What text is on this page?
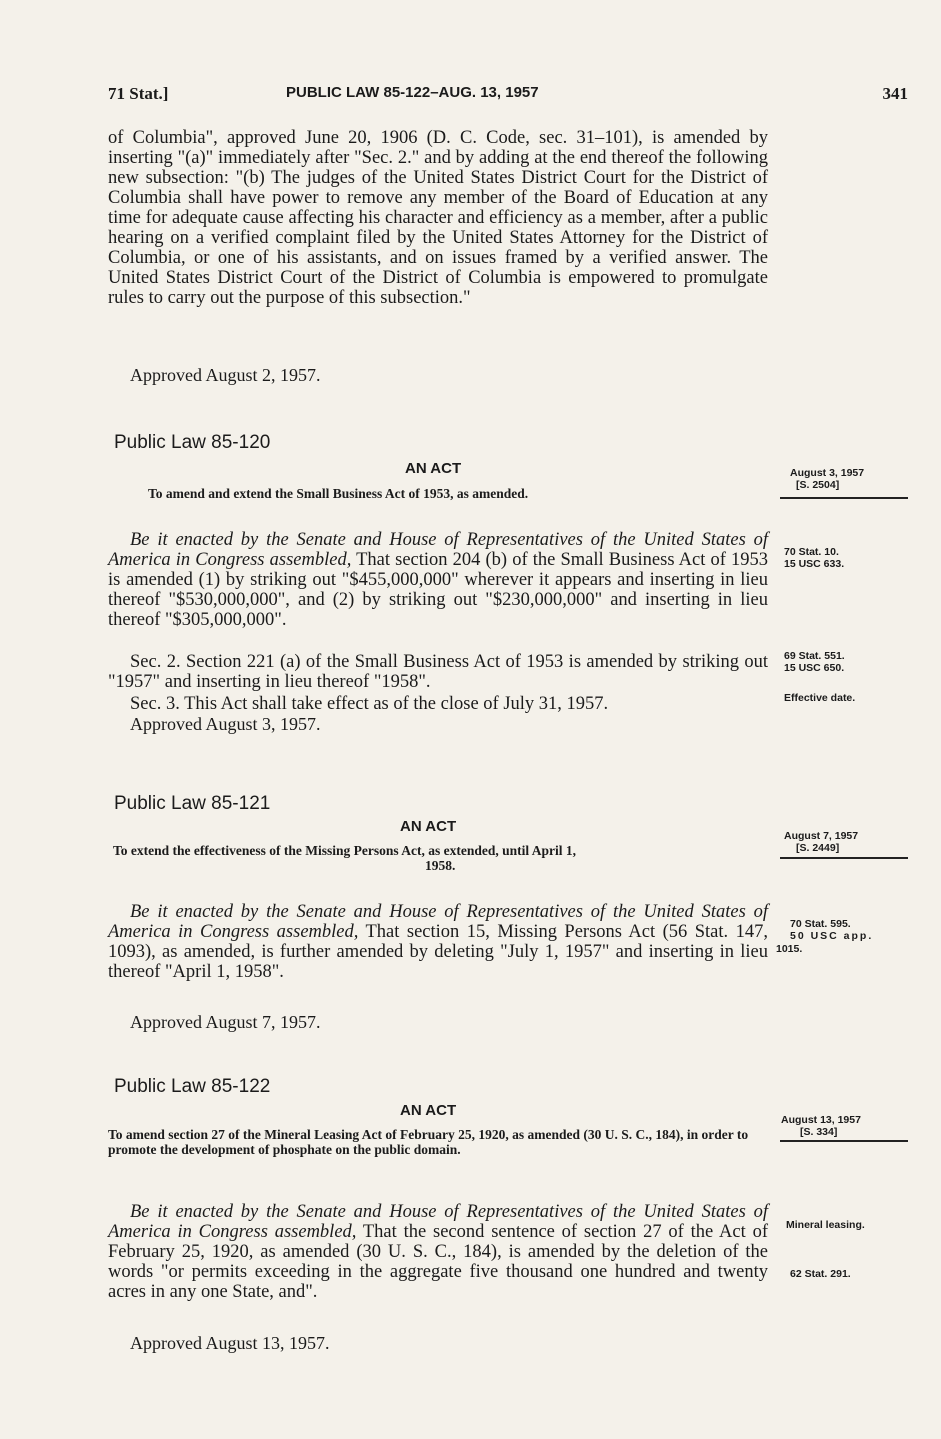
71 Stat.]	PUBLIC LAW 85-122–AUG. 13, 1957	341
of Columbia", approved June 20, 1906 (D. C. Code, sec. 31–101), is amended by inserting "(a)" immediately after "Sec. 2." and by adding at the end thereof the following new subsection: "(b) The judges of the United States District Court for the District of Columbia shall have power to remove any member of the Board of Education at any time for adequate cause affecting his character and efficiency as a member, after a public hearing on a verified complaint filed by the United States Attorney for the District of Columbia, or one of his assistants, and on issues framed by a verified answer. The United States District Court of the District of Columbia is empowered to promulgate rules to carry out the purpose of this subsection."
Approved August 2, 1957.
Public Law 85-120
AN ACT
To amend and extend the Small Business Act of 1953, as amended.
August 3, 1957
[S. 2504]
Be it enacted by the Senate and House of Representatives of the United States of America in Congress assembled, That section 204 (b) of the Small Business Act of 1953 is amended (1) by striking out "$455,000,000" wherever it appears and inserting in lieu thereof "$530,000,000", and (2) by striking out "$230,000,000" and inserting in lieu thereof "$305,000,000".
Sec. 2. Section 221 (a) of the Small Business Act of 1953 is amended by striking out "1957" and inserting in lieu thereof "1958".
Sec. 3. This Act shall take effect as of the close of July 31, 1957.
Approved August 3, 1957.
70 Stat. 10.
15 USC 633.
69 Stat. 551.
15 USC 650.
Effective date.
Public Law 85-121
AN ACT
To extend the effectiveness of the Missing Persons Act, as extended, until April 1,
1958.
August 7, 1957
[S. 2449]
Be it enacted by the Senate and House of Representatives of the United States of America in Congress assembled, That section 15, Missing Persons Act (56 Stat. 147, 1093), as amended, is further amended by deleting "July 1, 1957" and inserting in lieu thereof "April 1, 1958".
Approved August 7, 1957.
70 Stat. 595.
50 USC app.
1015.
Public Law 85-122
AN ACT
To amend section 27 of the Mineral Leasing Act of February 25, 1920, as amended (30 U. S. C., 184), in order to promote the development of phosphate on the public domain.
August 13, 1957
[S. 334]
Be it enacted by the Senate and House of Representatives of the United States of America in Congress assembled, That the second sentence of section 27 of the Act of February 25, 1920, as amended (30 U. S. C., 184), is amended by the deletion of the words "or permits exceeding in the aggregate five thousand one hundred and twenty acres in any one State, and".
Approved August 13, 1957.
Mineral leasing.
62 Stat. 291.
